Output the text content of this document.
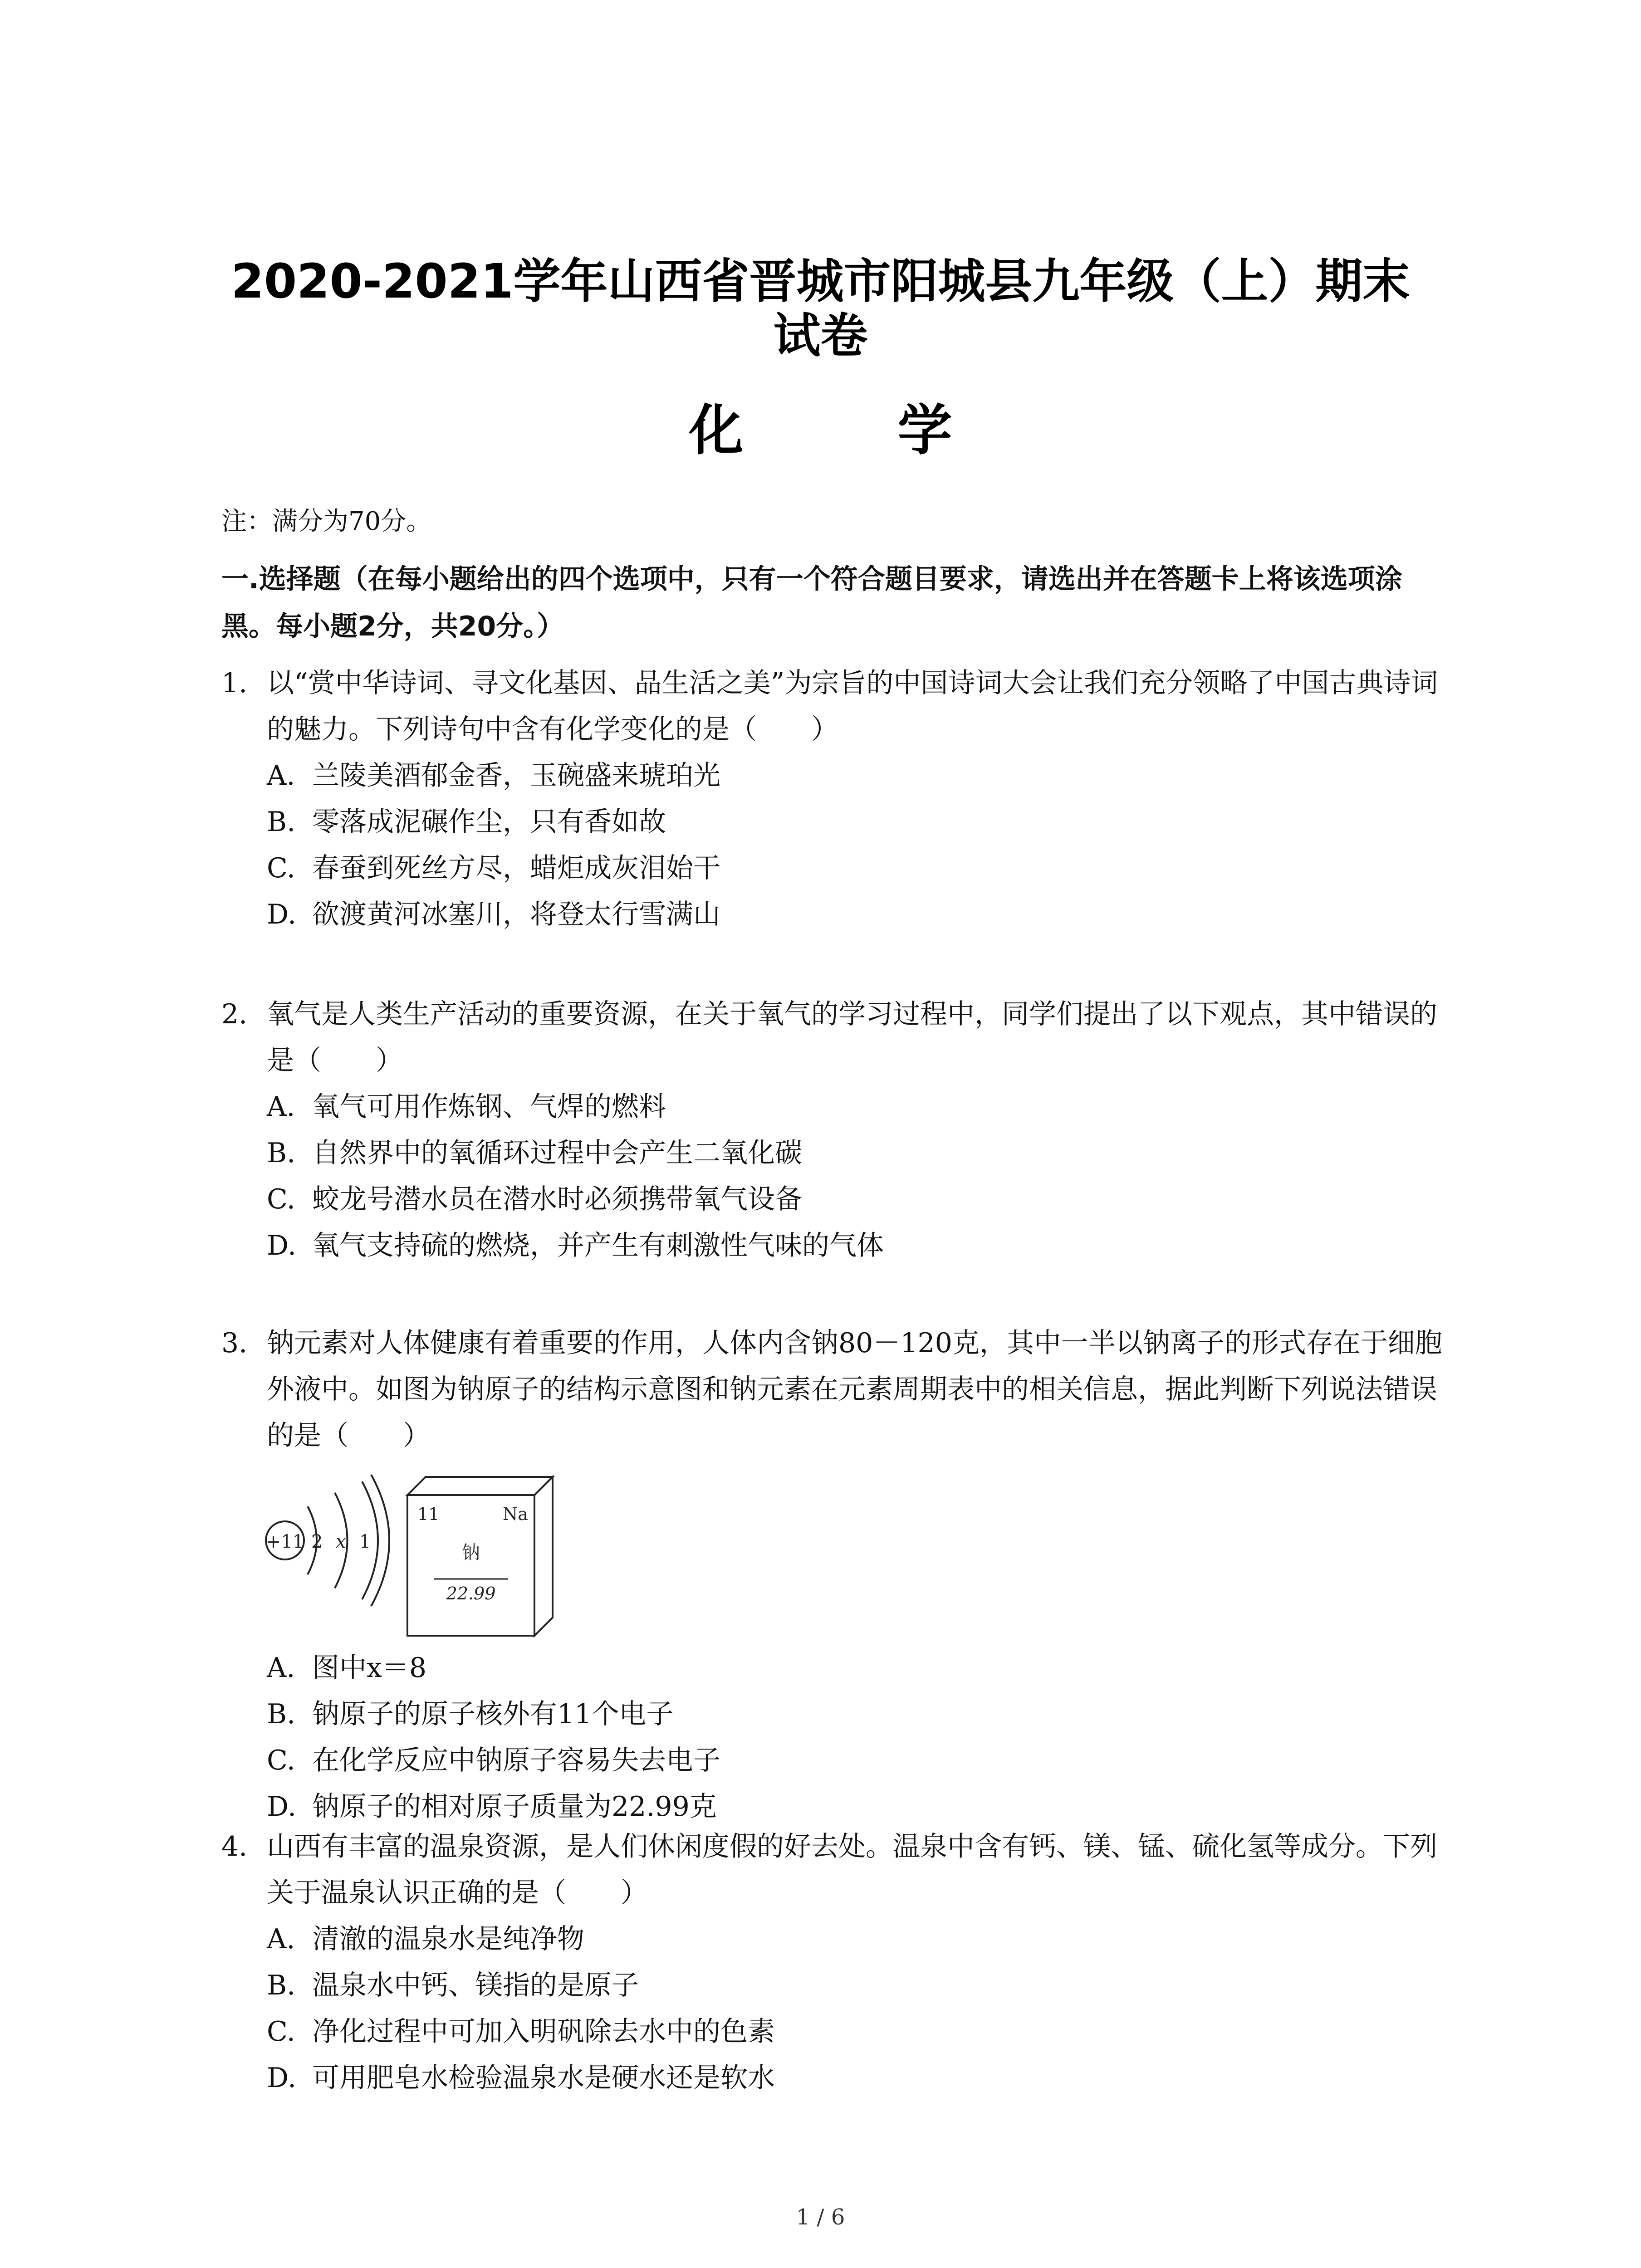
2020-2021学年山西省晋城市阳城县九年级（上）期末
试卷
化　学
注：满分为70分。
一.选择题（在每小题给出的四个选项中，只有一个符合题目要求，请选出并在答题卡上将该选项涂黑。每小题2分，共20分。）
1. 以“赏中华诗词、寻文化基因、品生活之美”为宗旨的中国诗词大会让我们充分领略了中国古典诗词的魅力。下列诗句中含有化学变化的是（　　）
A. 兰陵美酒郁金香，玉碗盛来琥珀光
B. 零落成泥碾作尘，只有香如故
C. 春蚕到死丝方尽，蜡炬成灰泪始干
D. 欲渡黄河冰塞川，将登太行雪满山
2. 氧气是人类生产活动的重要资源，在关于氧气的学习过程中，同学们提出了以下观点，其中错误的是（　　）
A. 氧气可用作炼钢、气焊的燃料
B. 自然界中的氧循环过程中会产生二氧化碳
C. 蛟龙号潜水员在潜水时必须携带氧气设备
D. 氧气支持硫的燃烧，并产生有刺激性气味的气体
3. 钠元素对人体健康有着重要的作用，人体内含钠80－120克，其中一半以钠离子的形式存在于细胞外液中。如图为钠原子的结构示意图和钠元素在元素周期表中的相关信息，据此判断下列说法错误的是（　　）
+11 2 x 1
11	Na
钠
22.99
A. 图中x＝8
B. 钠原子的原子核外有11个电子
C. 在化学反应中钠原子容易失去电子
D. 钠原子的相对原子质量为22.99克
4. 山西有丰富的温泉资源，是人们休闲度假的好去处。温泉中含有钙、镁、锰、硫化氢等成分。下列关于温泉认识正确的是（　　）
A. 清澈的温泉水是纯净物
B. 温泉水中钙、镁指的是原子
C. 净化过程中可加入明矾除去水中的色素
D. 可用肥皂水检验温泉水是硬水还是软水
1 / 6
